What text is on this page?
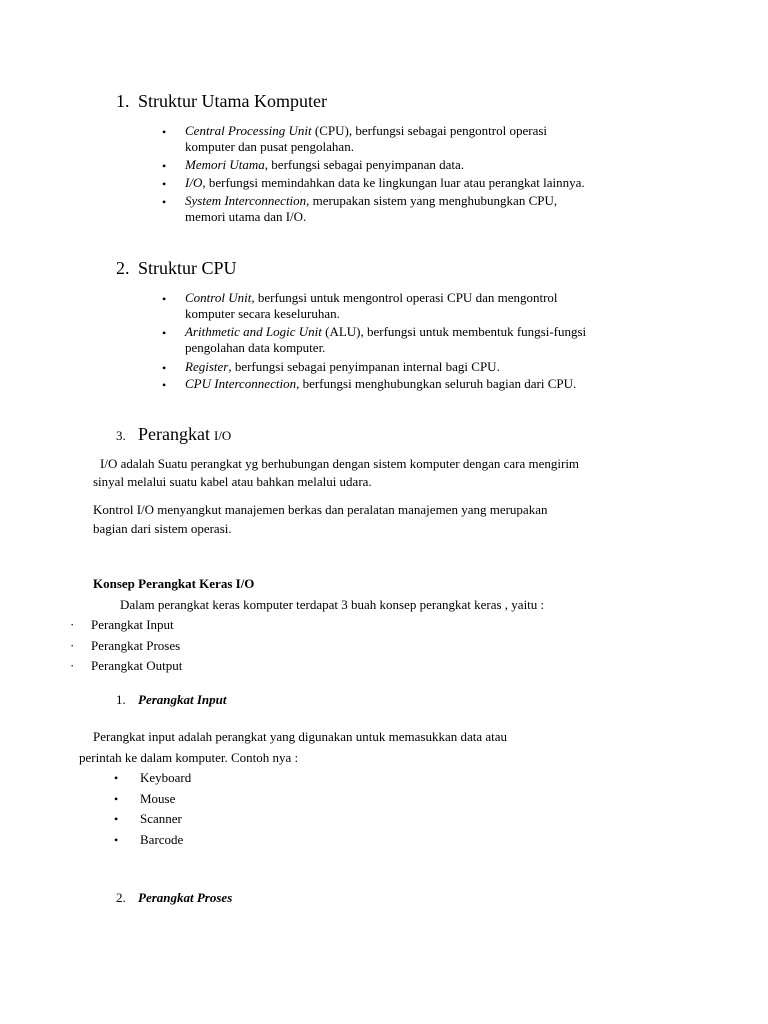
1. Struktur Utama Komputer
• Central Processing Unit (CPU), berfungsi sebagai pengontrol operasi
komputer dan pusat pengolahan.
• Memori Utama, berfungsi sebagai penyimpanan data.
• I/O, berfungsi memindahkan data ke lingkungan luar atau perangkat lainnya.
• System Interconnection, merupakan sistem yang menghubungkan CPU,
memori utama dan I/O.
2. Struktur CPU
• Control Unit, berfungsi untuk mengontrol operasi CPU dan mengontrol
komputer secara keseluruhan.
• Arithmetic and Logic Unit (ALU), berfungsi untuk membentuk fungsi-fungsi
pengolahan data komputer.
• Register, berfungsi sebagai penyimpanan internal bagi CPU.
• CPU Interconnection, berfungsi menghubungkan seluruh bagian dari CPU.
3. Perangkat I/O
I/O adalah Suatu perangkat yg berhubungan dengan sistem komputer dengan cara mengirim
sinyal melalui suatu kabel atau bahkan melalui udara.
Kontrol I/O menyangkut manajemen berkas dan peralatan manajemen yang merupakan
bagian dari sistem operasi.
Konsep Perangkat Keras I/O
Dalam perangkat keras komputer terdapat 3 buah konsep perangkat keras , yaitu :
· Perangkat Input
· Perangkat Proses
· Perangkat Output
1. Perangkat Input
Perangkat input adalah perangkat yang digunakan untuk memasukkan data atau
perintah ke dalam komputer. Contoh nya :
• Keyboard
• Mouse
• Scanner
• Barcode
2. Perangkat Proses
